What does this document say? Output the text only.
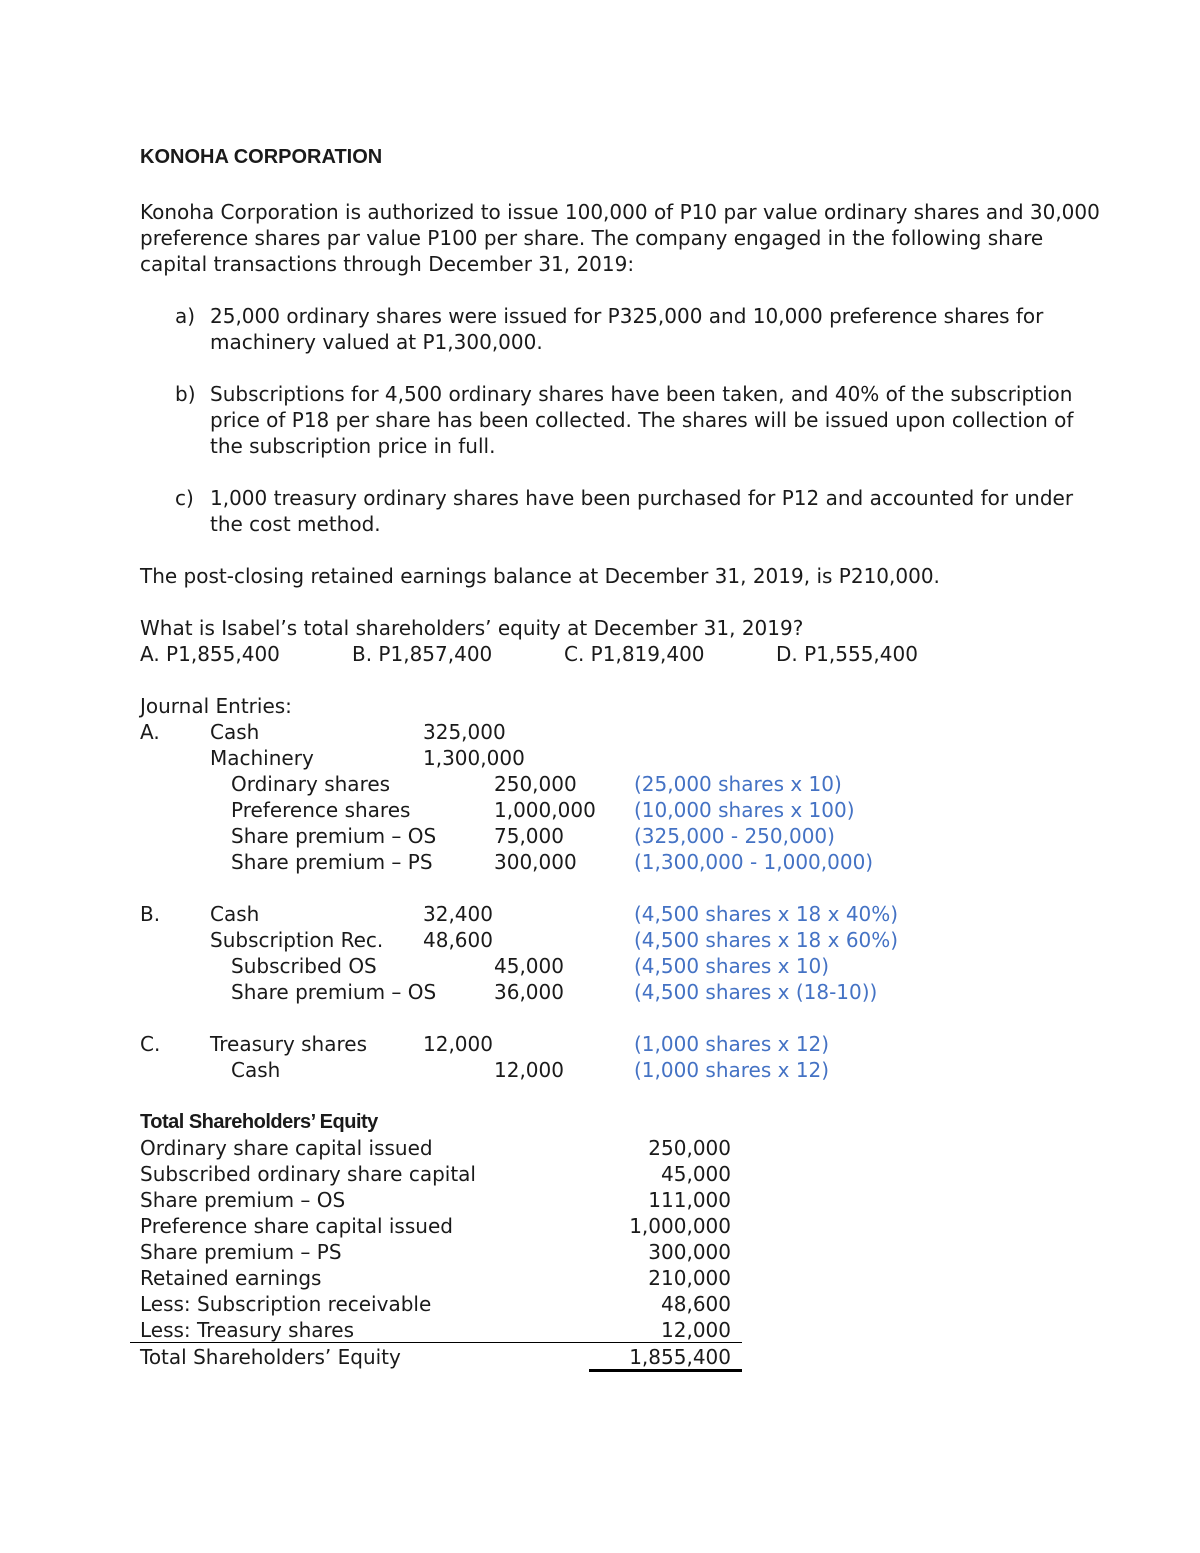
KONOHA CORPORATION
Konoha Corporation is authorized to issue 100,000 of P10 par value ordinary shares and 30,000
preference shares par value P100 per share. The company engaged in the following share
capital transactions through December 31, 2019:
a) 25,000 ordinary shares were issued for P325,000 and 10,000 preference shares for
machinery valued at P1,300,000.
b) Subscriptions for 4,500 ordinary shares have been taken, and 40% of the subscription
price of P18 per share has been collected. The shares will be issued upon collection of
the subscription price in full.
c) 1,000 treasury ordinary shares have been purchased for P12 and accounted for under
the cost method.
The post-closing retained earnings balance at December 31, 2019, is P210,000.
What is Isabel’s total shareholders’ equity at December 31, 2019?
A. P1,855,400	B. P1,857,400	C. P1,819,400	D. P1,555,400
Journal Entries:
A.	Cash	325,000
Machinery	1,300,000
Ordinary shares	250,000	(25,000 shares x 10)
Preference shares	1,000,000 (10,000 shares x 100)
Share premium – OS	75,000	(325,000 - 250,000)
Share premium – PS	300,000	(1,300,000 - 1,000,000)
B. Cash	32,400	(4,500 shares x 18 x 40%)
Subscription Rec. 48,600	(4,500 shares x 18 x 60%)
Subscribed OS	45,000	(4,500 shares x 10)
Share premium – OS	36,000	(4,500 shares x (18-10))
C. Treasury shares	12,000	(1,000 shares x 12)
Cash	12,000	(1,000 shares x 12)
Total Shareholders’ Equity
Ordinary share capital issued	250,000
Subscribed ordinary share capital	45,000
Share premium – OS	111,000
Preference share capital issued	1,000,000
Share premium – PS	300,000
Retained earnings	210,000
Less: Subscription receivable	48,600
Less: Treasury shares	12,000
Total Shareholders’ Equity	1,855,400
